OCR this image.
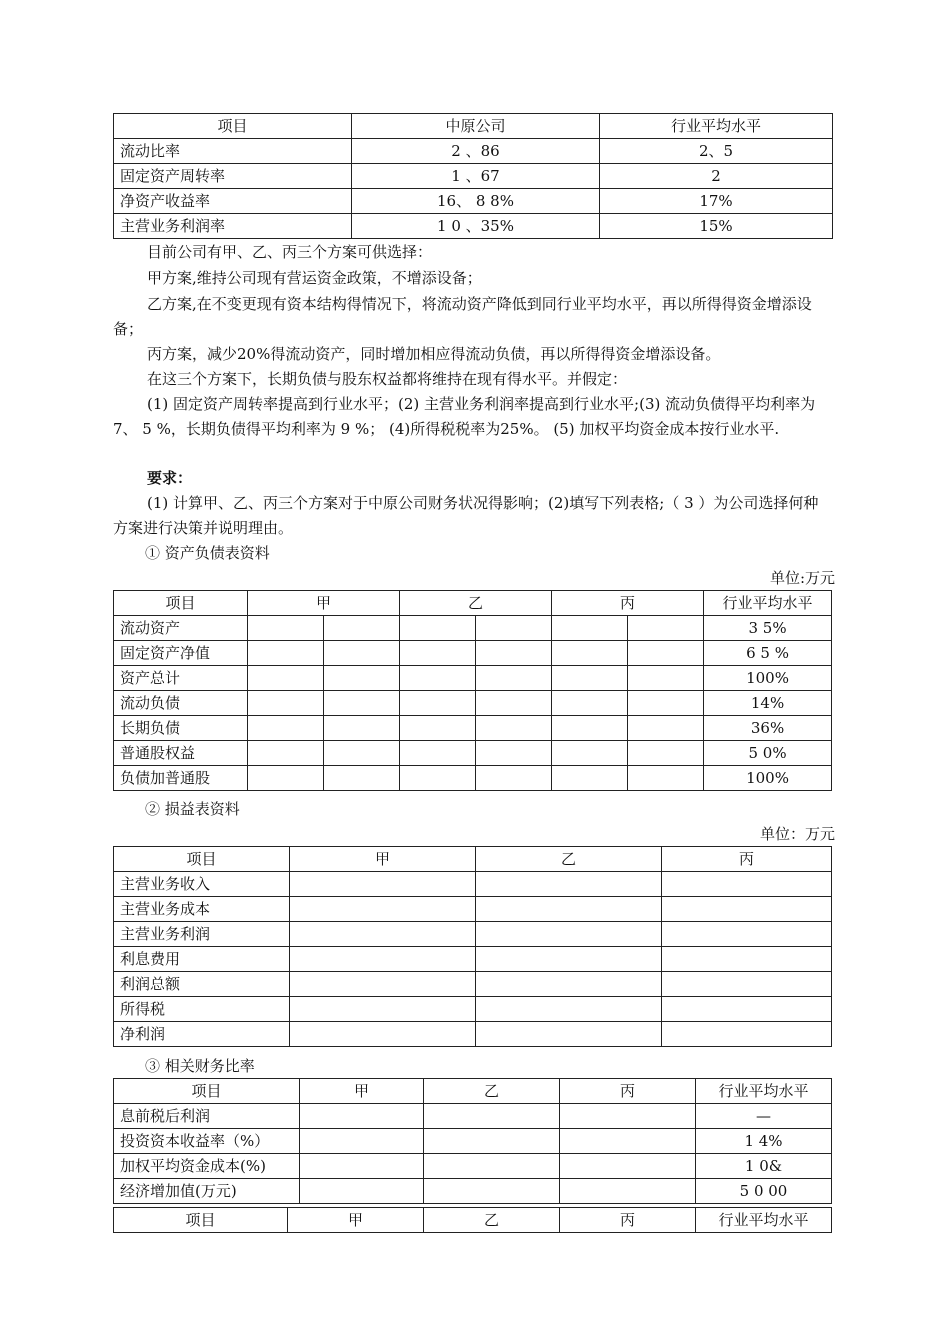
项目	中原公司	行业平均水平
流动比率	2 、86	2、5
固定资产周转率	1 、67	2
净资产收益率	16、 8 8%	17%
主营业务利润率	1 0 、35%	15%

目前公司有甲、乙、丙三个方案可供选择：

甲方案,维持公司现有营运资金政策，不增添设备；

乙方案,在不变更现有资本结构得情况下，将流动资产降低到同行业平均水平，再以所得得资金增添设备；

丙方案，减少20%得流动资产，同时增加相应得流动负债，再以所得得资金增添设备。

在这三个方案下，长期负债与股东权益都将维持在现有得水平。并假定：

(1) 固定资产周转率提高到行业水平；(2) 主营业务利润率提高到行业水平;(3) 流动负债得平均利率为7、 5 %，长期负债得平均利率为 9 %； (4)所得税税率为25%。 (5) 加权平均资金成本按行业水平.

要求：

(1) 计算甲、乙、丙三个方案对于中原公司财务状况得影响；(2)填写下列表格;（ 3 ）为公司选择何种方案进行决策并说明理由。

① 资产负债表资料
单位:万元
项目	甲		乙		丙		行业平均水平
流动资产							3 5%
固定资产净值							6 5 %
资产总计							100%
流动负债							14%
长期负债							36%
普通股权益							5 0%
负债加普通股							100%
② 损益表资料
单位：万元
项目	甲	乙	丙
主营业务收入			
主营业务成本			
主营业务利润			
利息费用			
利润总额			
所得税			
净利润			
③ 相关财务比率
项目	甲	乙	丙	行业平均水平
息前税后利润				—
投资资本收益率（%）				1 4%
加权平均资金成本(%)				1 0&
经济增加值(万元)				5 0 00
项目	甲	乙	丙	行业平均水平
